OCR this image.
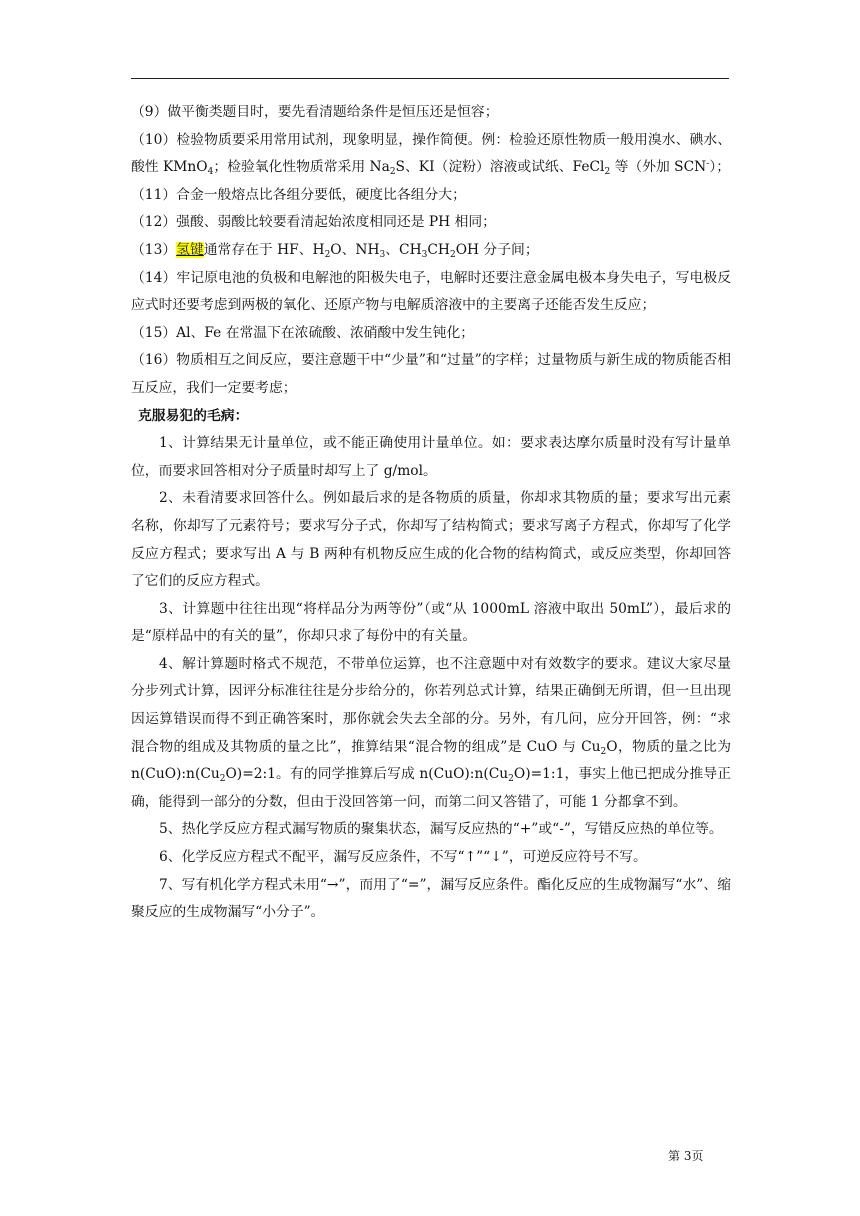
（9）做平衡类题目时，要先看清题给条件是恒压还是恒容；

（10）检验物质要采用常用试剂，现象明显，操作简便。例：检验还原性物质一般用溴水、碘水、酸性 KMnO$_4$；检验氧化性物质常采用 $Na_2S$、KI（淀粉）溶液或试纸、FeCl$_2$ 等（外加 SCN-）；

（11）合金一般熔点比各组分要低，硬度比各组分大；

（12）强酸、弱酸比较要看清起始浓度相同还是 PH 相同；

（13）氢键通常存在于 HF、$H_2O$、$NH_3$、$CH_3CH_2OH$ 分子间；

（14）牢记原电池的负极和电解池的阳极失电子，电解时还要注意金属电极本身失电子，写电极反应式时还要考虑到两极的氧化、还原产物与电解质溶液中的主要离子还能否发生反应；

（15）Al、Fe 在常温下在浓硫酸、浓硝酸中发生钝化；

（16）物质相互之间反应，要注意题干中“少量”和“过量”的字样；过量物质与新生成的物质能否相互反应，我们一定要考虑；

克服易犯的毛病：

1、计算结果无计量单位，或不能正确使用计量单位。如：要求表达摩尔质量时没有写计量单位，而要求回答相对分子质量时却写上了 g/mol。

2、未看清要求回答什么。例如最后求的是各物质的质量，你却求其物质的量；要求写出元素名称，你却写了元素符号；要求写分子式，你却写了结构简式；要求写离子方程式，你却写了化学反应方程式；要求写出 A 与 B 两种有机物反应生成的化合物的结构简式，或反应类型，你却回答了它们的反应方程式。

3、计算题中往往出现“将样品分为两等份”（或“从 1000mL 溶液中取出 50mL”），最后求的是“原样品中的有关的量”，你却只求了每份中的有关量。

4、解计算题时格式不规范，不带单位运算，也不注意题中对有效数字的要求。建议大家尽量分步列式计算，因评分标准往往是分步给分的，你若列总式计算，结果正确倒无所谓，但一旦出现因运算错误而得不到正确答案时，那你就会失去全部的分。另外，有几问，应分开回答，例：“求混合物的组成及其物质的量之比”，推算结果“混合物的组成”是 CuO 与 $Cu_2O$，物质的量之比为 $n(CuO):n(Cu_2O)=2:1$。有的同学推算后写成 $n(CuO):n(Cu_2O)=1:1$，事实上他已把成分推导正确，能得到一部分的分数，但由于没回答第一问，而第二问又答错了，可能 1 分都拿不到。

5、热化学反应方程式漏写物质的聚集状态，漏写反应热的“+”或“-”，写错反应热的单位等。

6、化学反应方程式不配平，漏写反应条件，不写“↑”“↓”，可逆反应符号不写。

7、写有机化学方程式未用“→”，而用了“=”，漏写反应条件。酯化反应的生成物漏写“水”、缩聚反应的生成物漏写“小分子”。

第 3页
